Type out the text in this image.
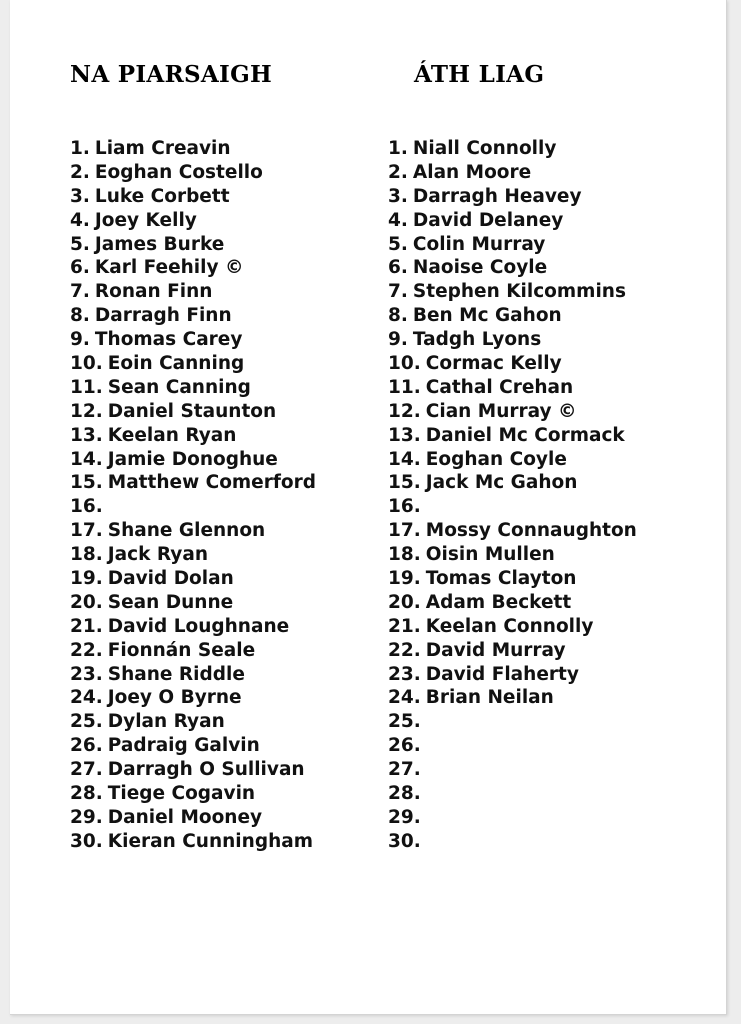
NA PIARSAIGH
1. Liam Creavin
2. Eoghan Costello
3. Luke Corbett
4. Joey Kelly
5. James Burke
6. Karl Feehily ©
7. Ronan Finn
8. Darragh Finn
9. Thomas Carey
10. Eoin Canning
11. Sean Canning
12. Daniel Staunton
13. Keelan Ryan
14. Jamie Donoghue
15. Matthew Comerford
16.
17. Shane Glennon
18. Jack Ryan
19. David Dolan
20. Sean Dunne
21. David Loughnane
22. Fionnán Seale
23. Shane Riddle
24. Joey O Byrne
25. Dylan Ryan
26. Padraig Galvin
27. Darragh O Sullivan
28. Tiege Cogavin
29. Daniel Mooney
30. Kieran Cunningham
ÁTH LIAG
1. Niall Connolly
2. Alan Moore
3. Darragh Heavey
4. David Delaney
5. Colin Murray
6. Naoise Coyle
7. Stephen Kilcommins
8. Ben Mc Gahon
9. Tadgh Lyons
10. Cormac Kelly
11. Cathal Crehan
12. Cian Murray ©
13. Daniel Mc Cormack
14. Eoghan Coyle
15. Jack Mc Gahon
16.
17. Mossy Connaughton
18. Oisin Mullen
19. Tomas Clayton
20. Adam Beckett
21. Keelan Connolly
22. David Murray
23. David Flaherty
24. Brian Neilan
25.
26.
27.
28.
29.
30.
